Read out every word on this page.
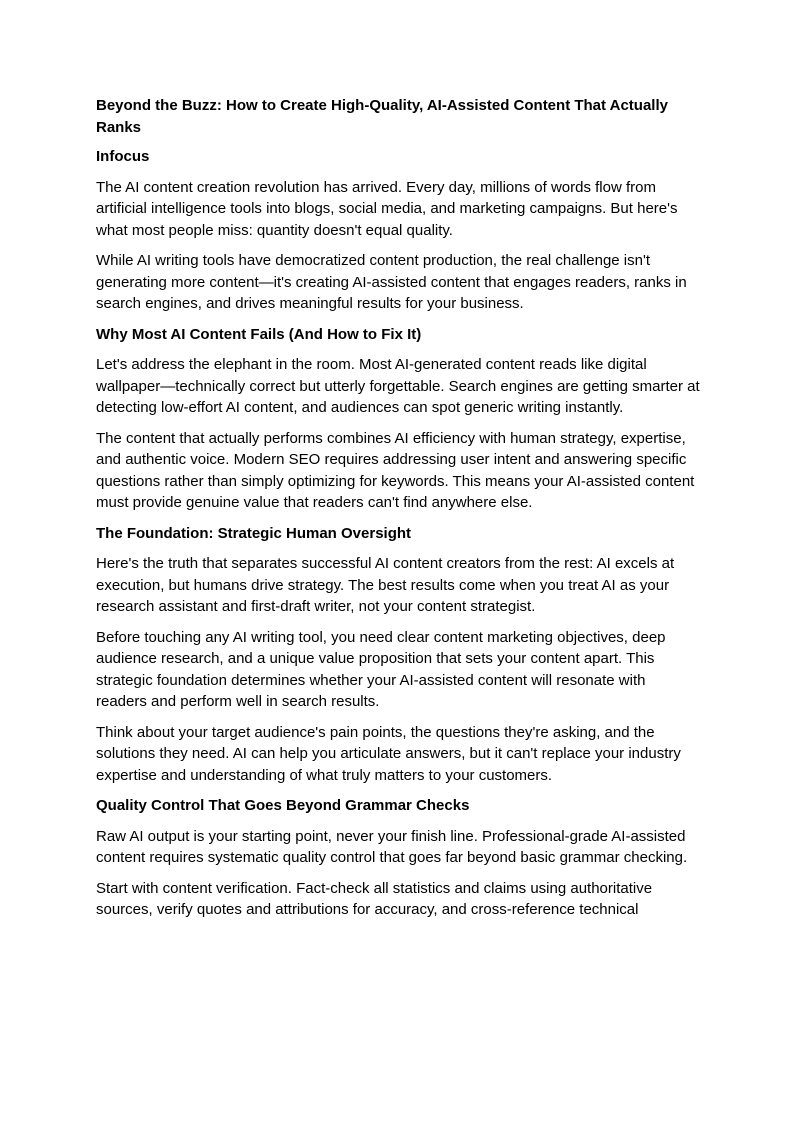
Beyond the Buzz: How to Create High-Quality, AI-Assisted Content That Actually Ranks
Infocus

The AI content creation revolution has arrived. Every day, millions of words flow from artificial intelligence tools into blogs, social media, and marketing campaigns. But here's what most people miss: quantity doesn't equal quality.

While AI writing tools have democratized content production, the real challenge isn't generating more content—it's creating AI-assisted content that engages readers, ranks in search engines, and drives meaningful results for your business.

Why Most AI Content Fails (And How to Fix It)

Let's address the elephant in the room. Most AI-generated content reads like digital wallpaper—technically correct but utterly forgettable. Search engines are getting smarter at detecting low-effort AI content, and audiences can spot generic writing instantly.

The content that actually performs combines AI efficiency with human strategy, expertise, and authentic voice. Modern SEO requires addressing user intent and answering specific questions rather than simply optimizing for keywords. This means your AI-assisted content must provide genuine value that readers can't find anywhere else.

The Foundation: Strategic Human Oversight

Here's the truth that separates successful AI content creators from the rest: AI excels at execution, but humans drive strategy. The best results come when you treat AI as your research assistant and first-draft writer, not your content strategist.

Before touching any AI writing tool, you need clear content marketing objectives, deep audience research, and a unique value proposition that sets your content apart. This strategic foundation determines whether your AI-assisted content will resonate with readers and perform well in search results.

Think about your target audience's pain points, the questions they're asking, and the solutions they need. AI can help you articulate answers, but it can't replace your industry expertise and understanding of what truly matters to your customers.

Quality Control That Goes Beyond Grammar Checks

Raw AI output is your starting point, never your finish line. Professional-grade AI-assisted content requires systematic quality control that goes far beyond basic grammar checking.

Start with content verification. Fact-check all statistics and claims using authoritative sources, verify quotes and attributions for accuracy, and cross-reference technical
